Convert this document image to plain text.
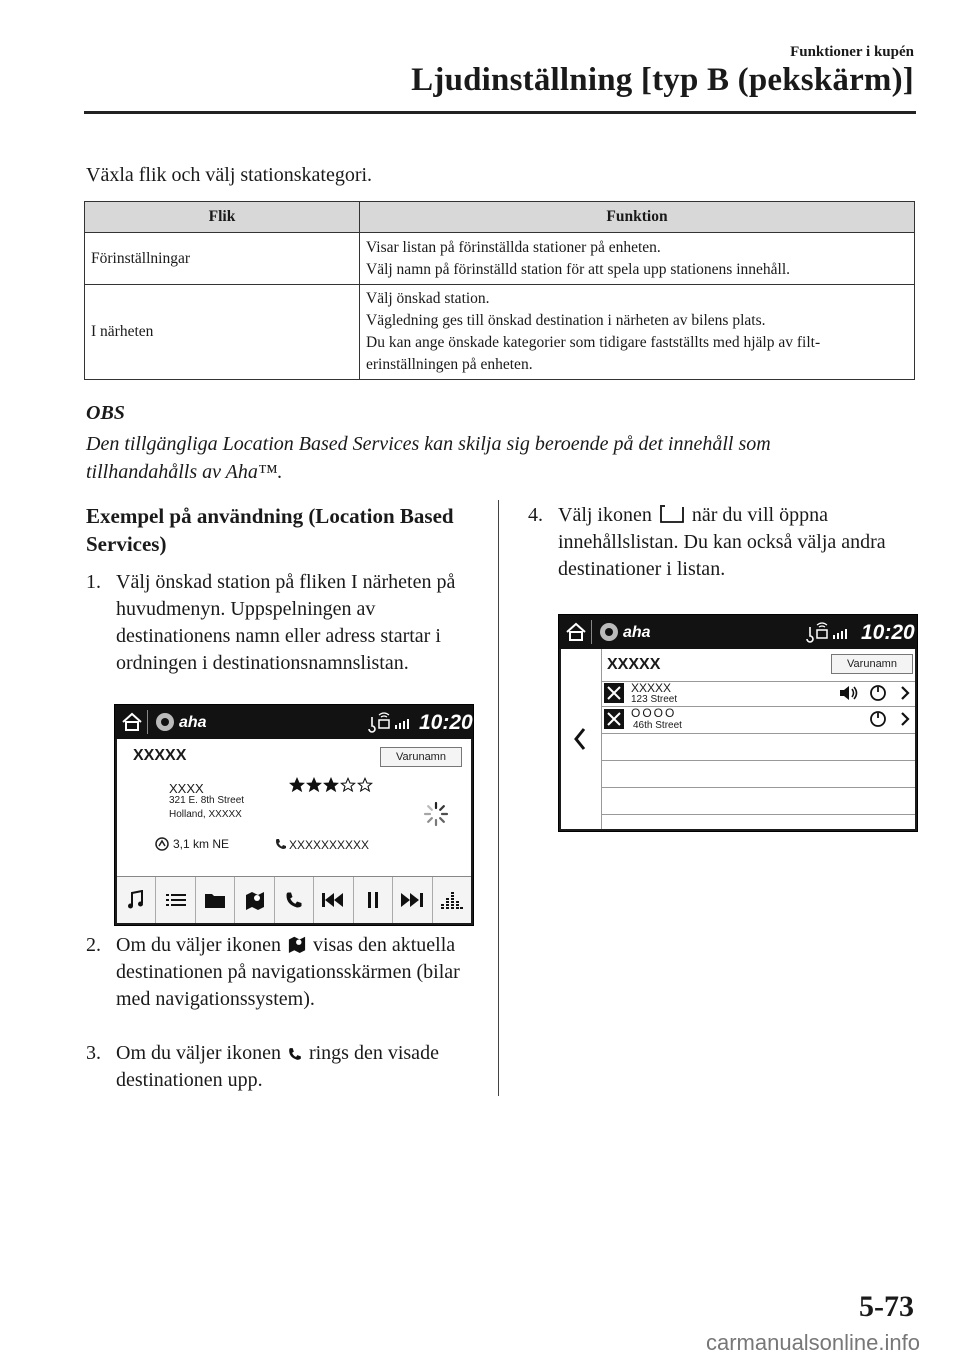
Funktioner i kupén
Ljudinställning [typ B (pekskärm)]
Växla flik och välj stationskategori.
Flik	Funktion
Förinställningar	Visar listan på förinställda stationer på enheten.
Välj namn på förinställd station för att spela upp stationens innehåll.

I närheten	Välj önskad station.
Vägledning ges till önskad destination i närheten av bilens plats.
Du kan ange önskade kategorier som tidigare fastställts med hjälp av filt-
erinställningen på enheten.
OBS
Den tillgängliga Location Based Services kan skilja sig beroende på det innehåll som tillhandahålls av Aha™.
Exempel på användning (Location Based Services)
1. Välj önskad station på fliken I närheten på huvudmenyn. Uppspelningen av destinationens namn eller adress startar i ordningen i destinationsnamnslistan.
aha	10:20
XXXXX	Varunamn
XXXX
321 E. 8th Street
Holland, XXXXX
3,1 km NE	XXXXXXXXXX
2. Om du väljer ikonen visas den aktuella destinationen på navigationsskärmen (bilar med navigationssystem).
3. Om du väljer ikonen rings den visade destinationen upp.
4. Välj ikonen när du vill öppna innehållslistan. Du kan också välja andra destinationer i listan.
aha	10:20
XXXXX	Varunamn
XXXXX
123 Street
OOOO
46th Street
5-73
carmanualsonline.info
